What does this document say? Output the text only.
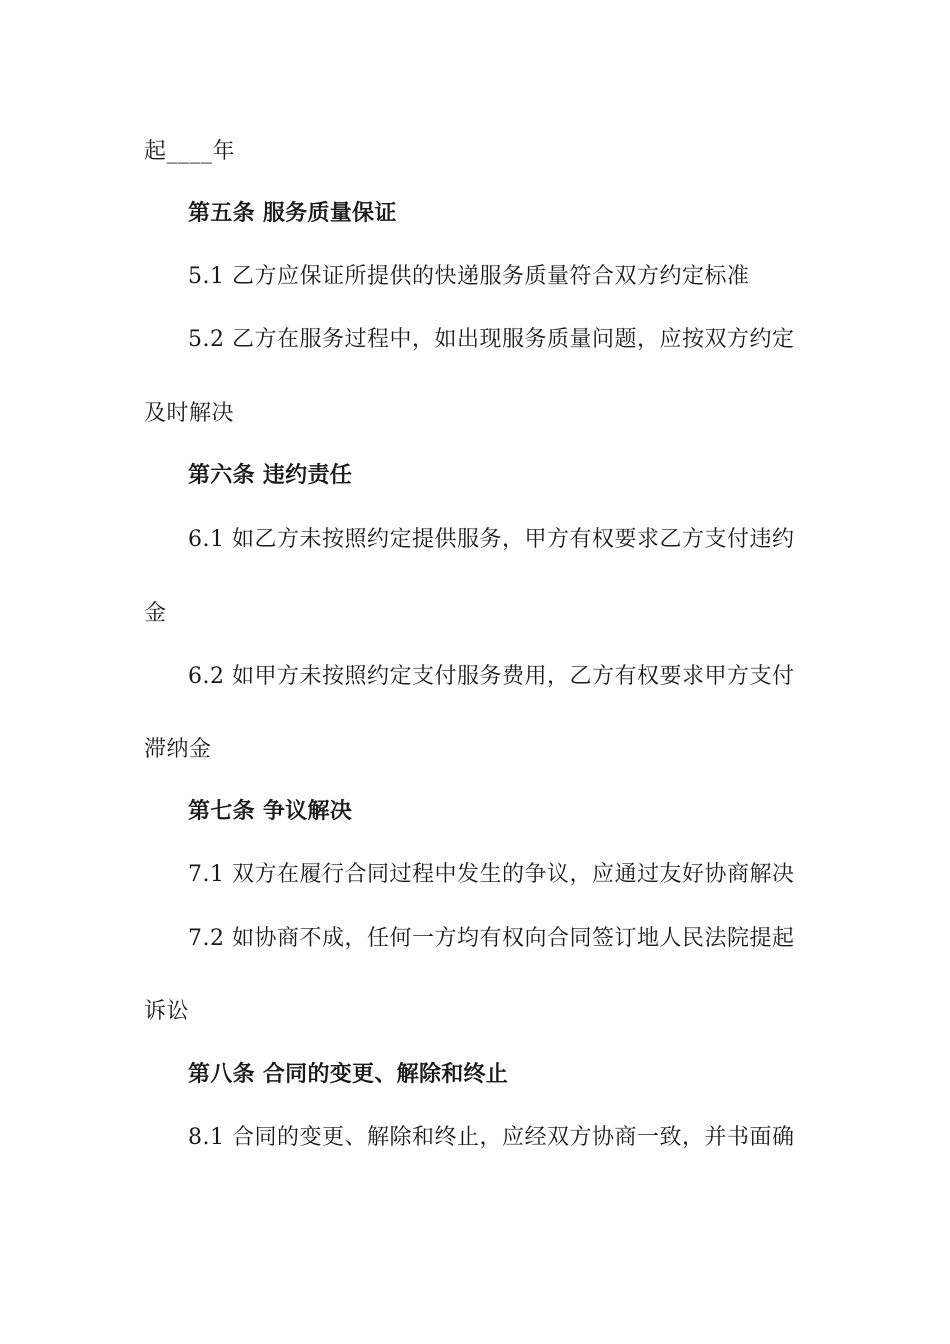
起____年

第五条 服务质量保证

5.1 乙方应保证所提供的快递服务质量符合双方约定标准

5.2 乙方在服务过程中，如出现服务质量问题，应按双方约定

及时解决

第六条 违约责任

6.1 如乙方未按照约定提供服务，甲方有权要求乙方支付违约

金

6.2 如甲方未按照约定支付服务费用，乙方有权要求甲方支付

滞纳金

第七条 争议解决

7.1 双方在履行合同过程中发生的争议，应通过友好协商解决

7.2 如协商不成，任何一方均有权向合同签订地人民法院提起

诉讼

第八条 合同的变更、解除和终止

8.1 合同的变更、解除和终止，应经双方协商一致，并书面确
